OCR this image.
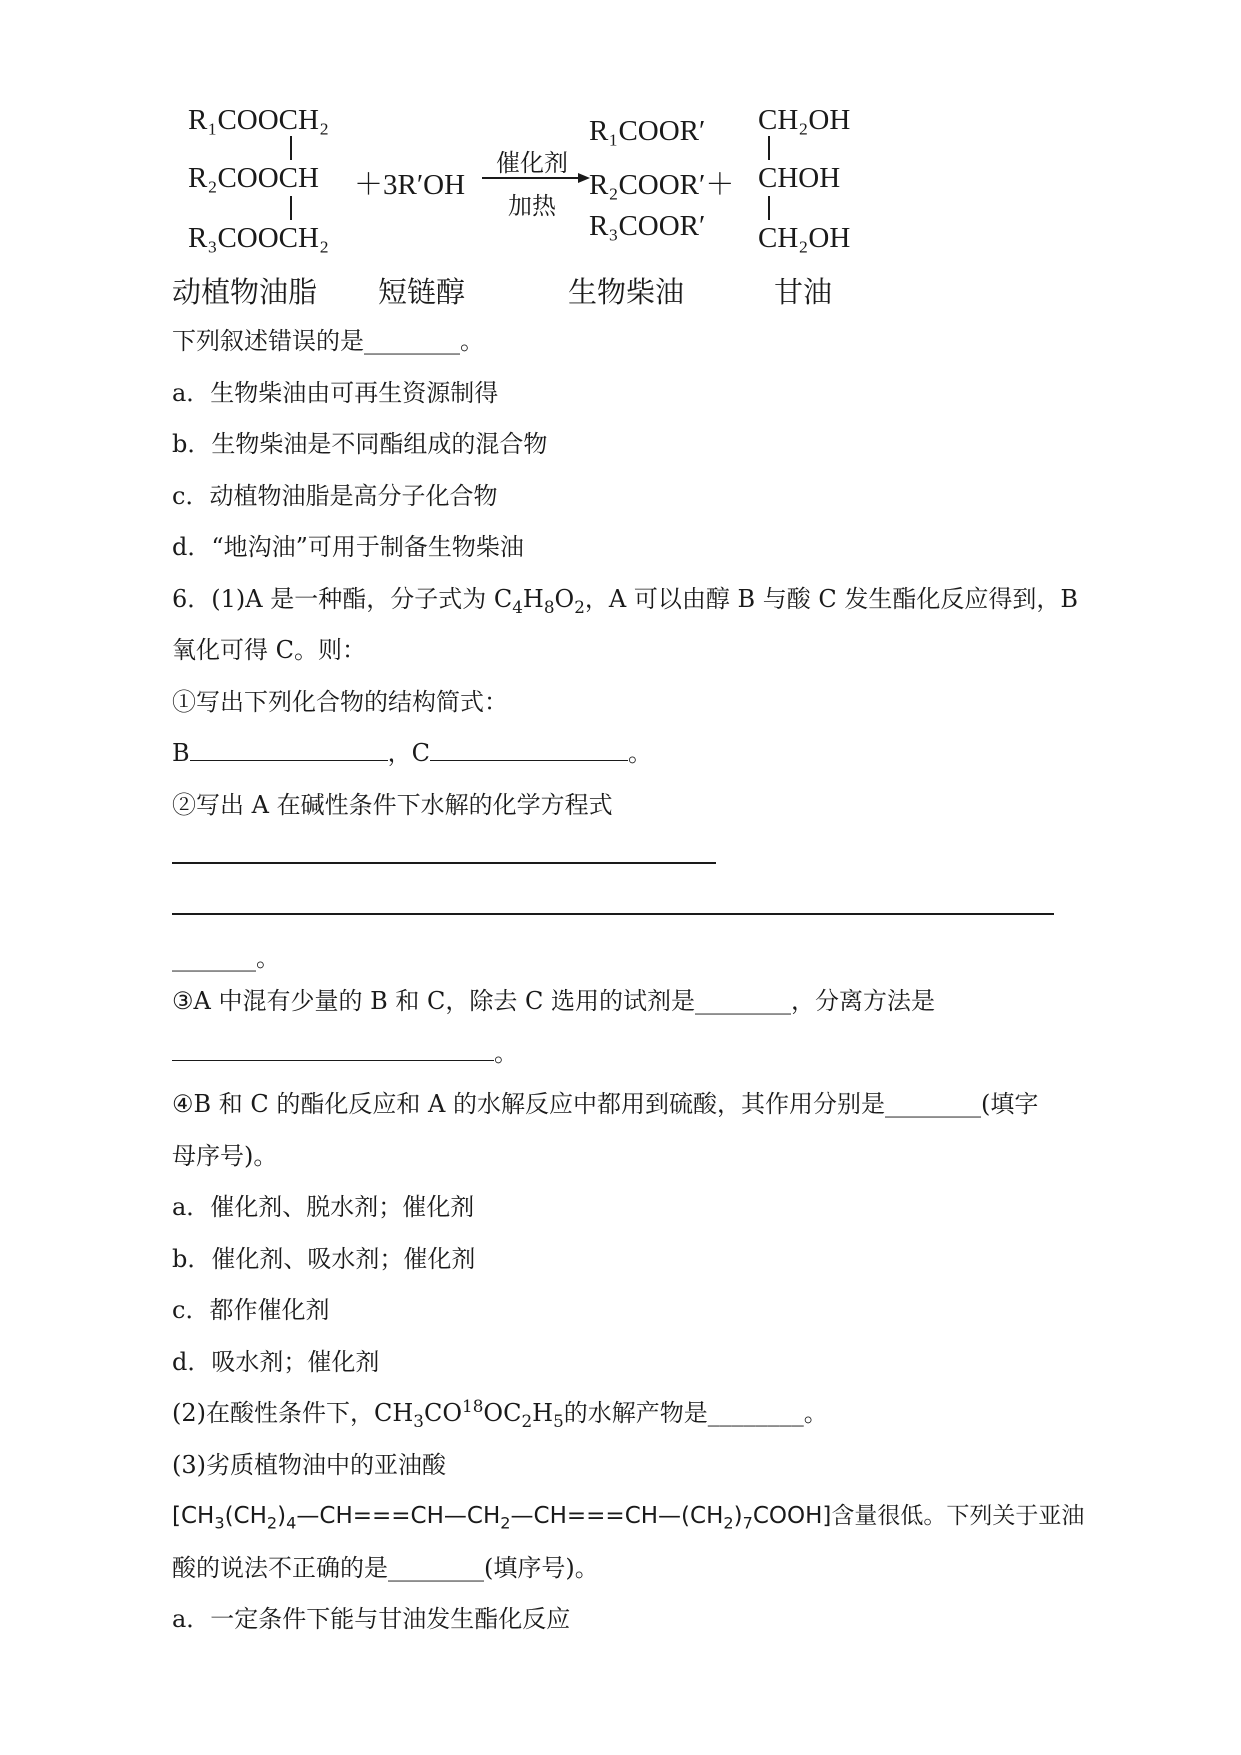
R₁COOCH₂
R₂COOCH
R₃COOCH₂
＋3R′OH
催化剂
加热
R₁COOR′
R₂COOR′＋
R₃COOR′
CH₂OH
CHOH
CH₂OH
动植物油脂 短链醇	生物柴油	甘油
下列叙述错误的是________。
a．生物柴油由可再生资源制得
b．生物柴油是不同酯组成的混合物
c．动植物油脂是高分子化合物
d．“地沟油”可用于制备生物柴油
6．(1)A 是一种酯，分子式为 $C_4H_8O_2$，A 可以由醇 B 与酸 C 发生酯化反应得到，B
氧化可得 C。则：
①写出下列化合物的结构简式：
B	，C	。
②写出 A 在碱性条件下水解的化学方程式
_______。
③A 中混有少量的 B 和 C，除去 C 选用的试剂是________，分离方法是
。
④B 和 C 的酯化反应和 A 的水解反应中都用到硫酸，其作用分别是________(填字
母序号)。
a．催化剂、脱水剂；催化剂
b．催化剂、吸水剂；催化剂
c．都作催化剂
d．吸水剂；催化剂
(2)在酸性条件下，$CH_3CO^{18}OC_2H_5$的水解产物是________。
(3)劣质植物油中的亚油酸
$[CH_3(CH_2)_4—CH===CH—CH_2—CH===CH—(CH_2)_7COOH]$含量很低。下列关于亚油
酸的说法不正确的是________(填序号)。
a．一定条件下能与甘油发生酯化反应
